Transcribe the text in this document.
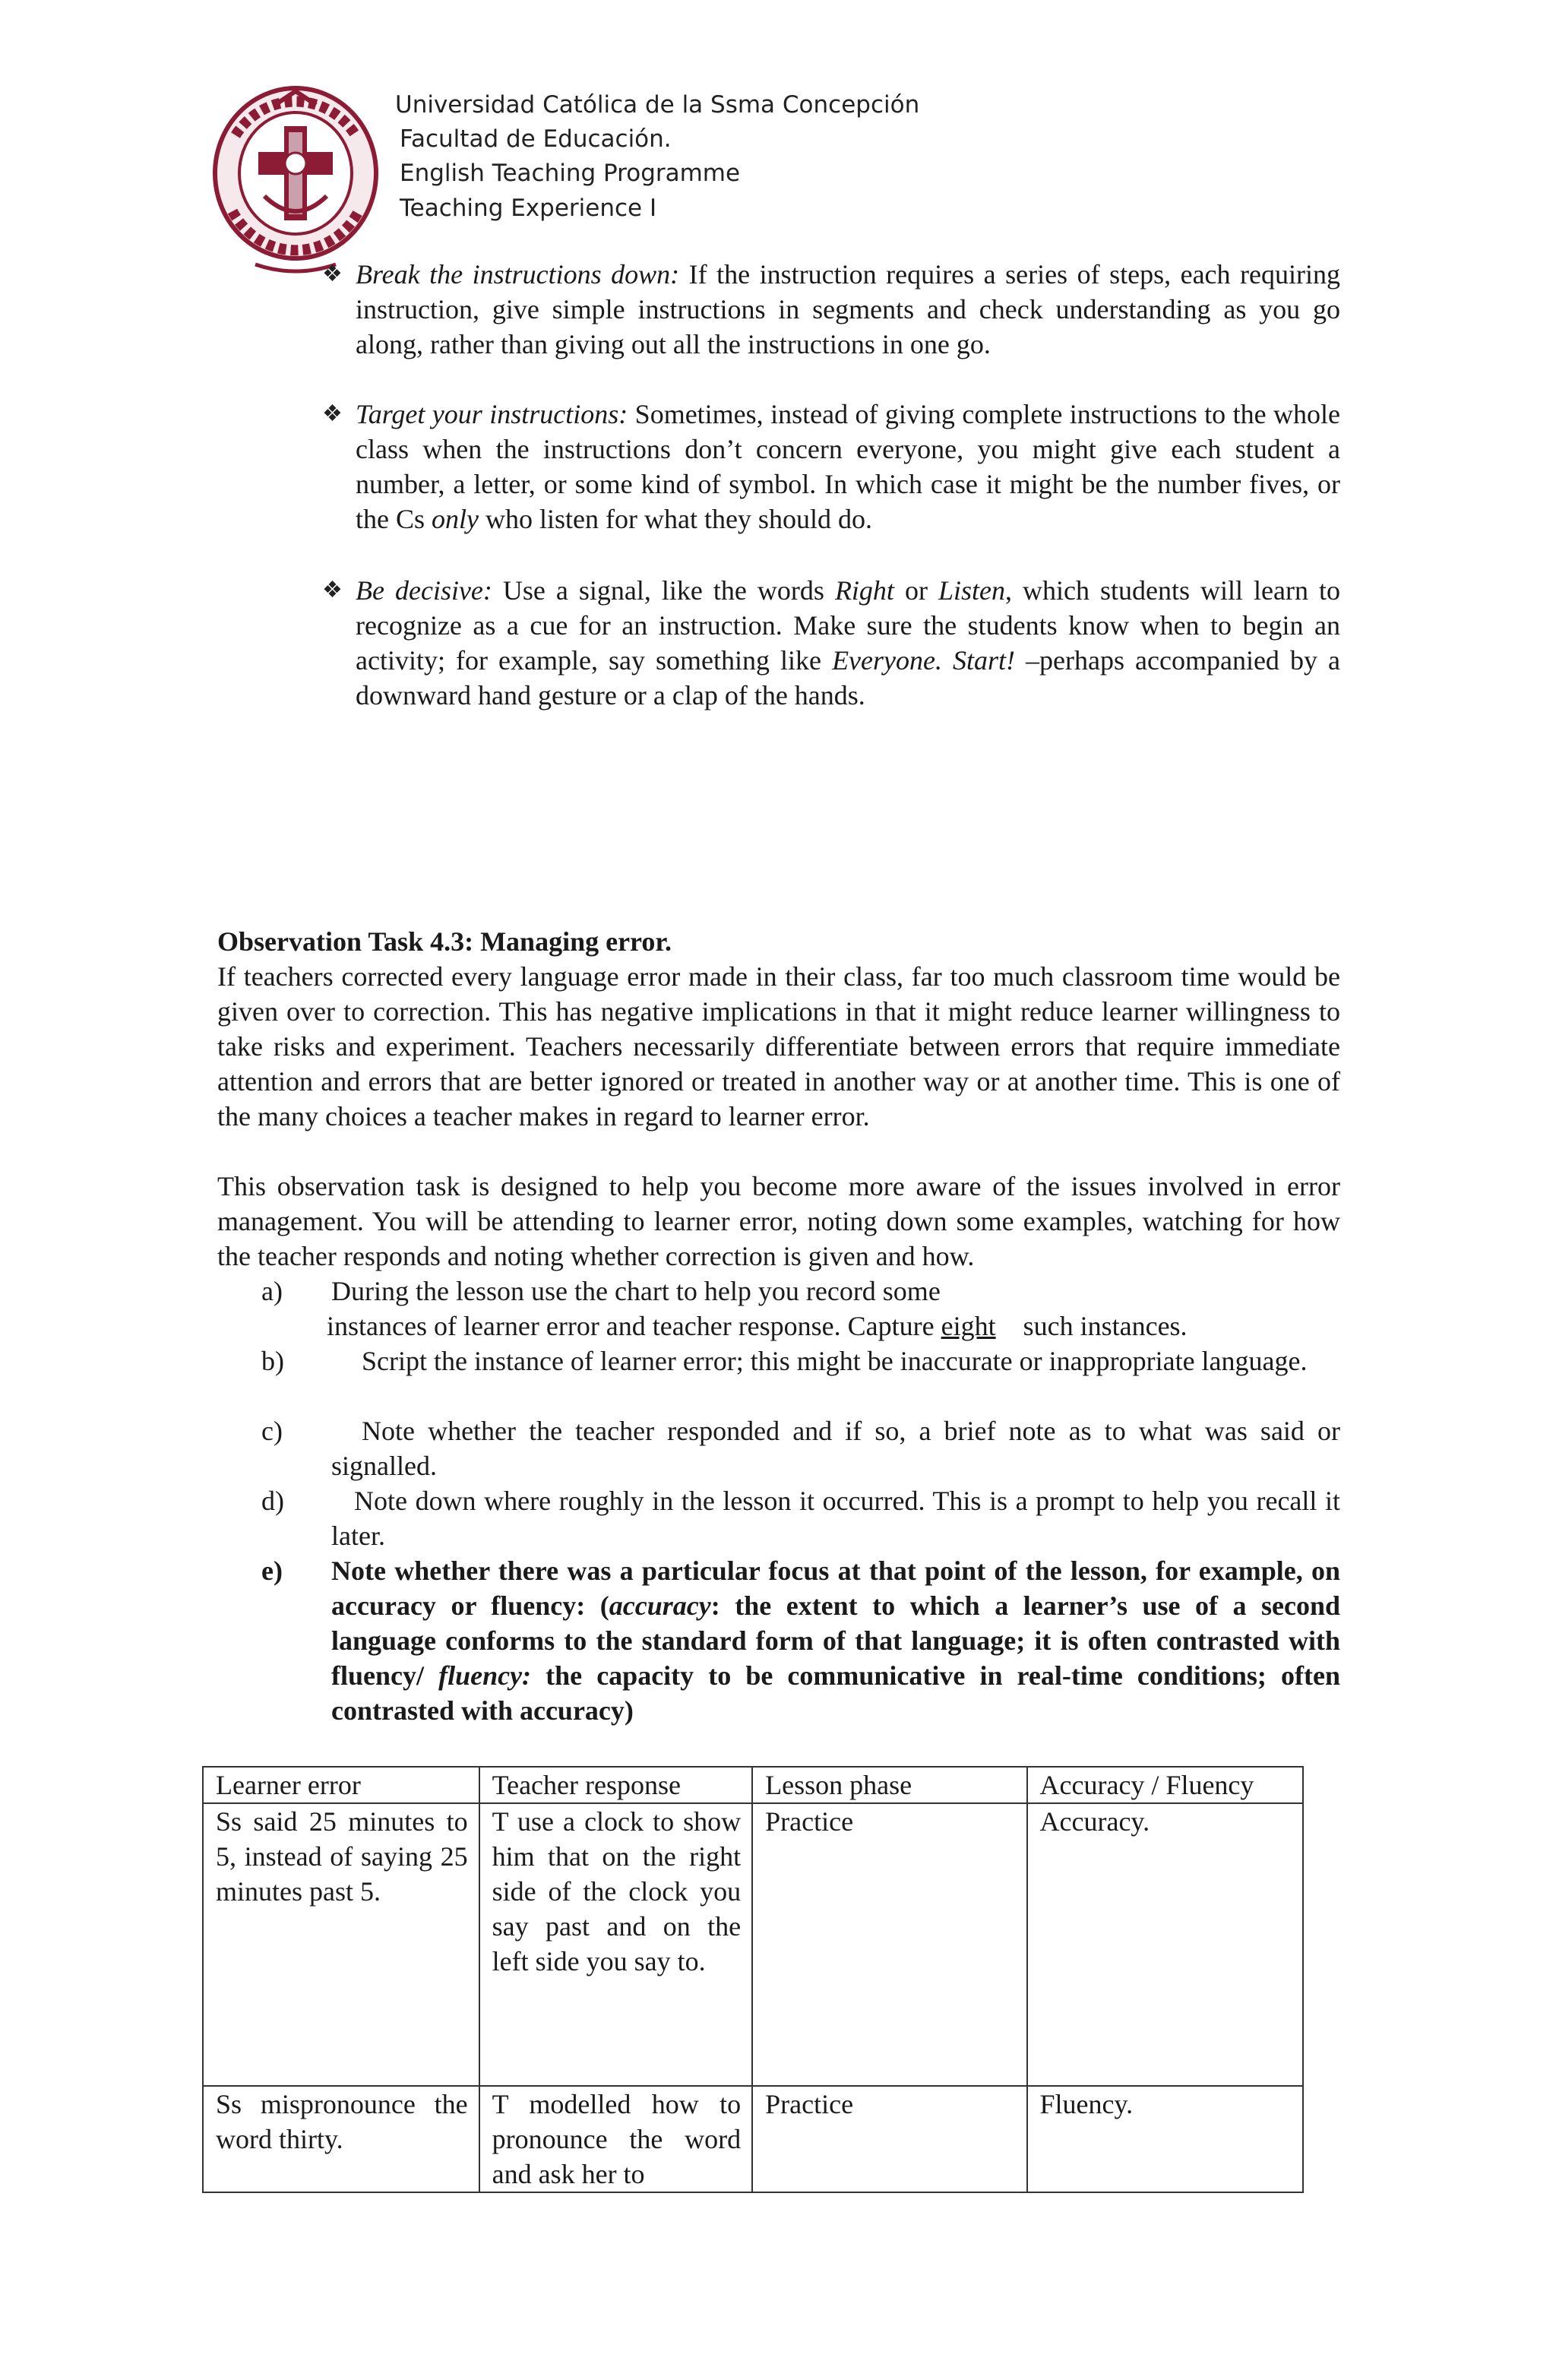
Universidad Católica de la Ssma Concepción
Facultad de Educación.
English Teaching Programme
Teaching Experience I
❖ Break the instructions down: If the instruction requires a series of steps, each requiring instruction, give simple instructions in segments and check understanding as you go along, rather than giving out all the instructions in one go.
❖ Target your instructions: Sometimes, instead of giving complete instructions to the whole class when the instructions don’t concern everyone, you might give each student a number, a letter, or some kind of symbol. In which case it might be the number fives, or the Cs only who listen for what they should do.
❖ Be decisive: Use a signal, like the words Right or Listen, which students will learn to recognize as a cue for an instruction. Make sure the students know when to begin an activity; for example, say something like Everyone. Start! –perhaps accompanied by a downward hand gesture or a clap of the hands.
Observation Task 4.3: Managing error.
If teachers corrected every language error made in their class, far too much classroom time would be given over to correction. This has negative implications in that it might reduce learner willingness to take risks and experiment. Teachers necessarily differentiate between errors that require immediate attention and errors that are better ignored or treated in another way or at another time. This is one of the many choices a teacher makes in regard to learner error.
This observation task is designed to help you become more aware of the issues involved in error management. You will be attending to learner error, noting down some examples, watching for how the teacher responds and noting whether correction is given and how.
a) During the lesson use the chart to help you record some
instances of learner error and teacher response. Capture eight    such instances.
b)	Script the instance of learner error; this might be inaccurate or inappropriate language.
c)	Note whether the teacher responded and if so, a brief note as to what was said or signalled.
d)	Note down where roughly in the lesson it occurred. This is a prompt to help you recall it later.
e) Note whether there was a particular focus at that point of the lesson, for example, on accuracy or fluency: (accuracy: the extent to which a learner’s use of a second language conforms to the standard form of that language; it is often contrasted with fluency/ fluency: the capacity to be communicative in real-time conditions; often contrasted with accuracy)
Learner error	Teacher response	Lesson phase	Accuracy / Fluency
Ss said 25 minutes to 5, instead of saying 25 minutes past 5.	T use a clock to show him that on the right side of the clock you say past and on the left side you say to.	Practice	Accuracy.
Ss mispronounce the word thirty.	T modelled how to pronounce the word and ask her to	Practice	Fluency.
